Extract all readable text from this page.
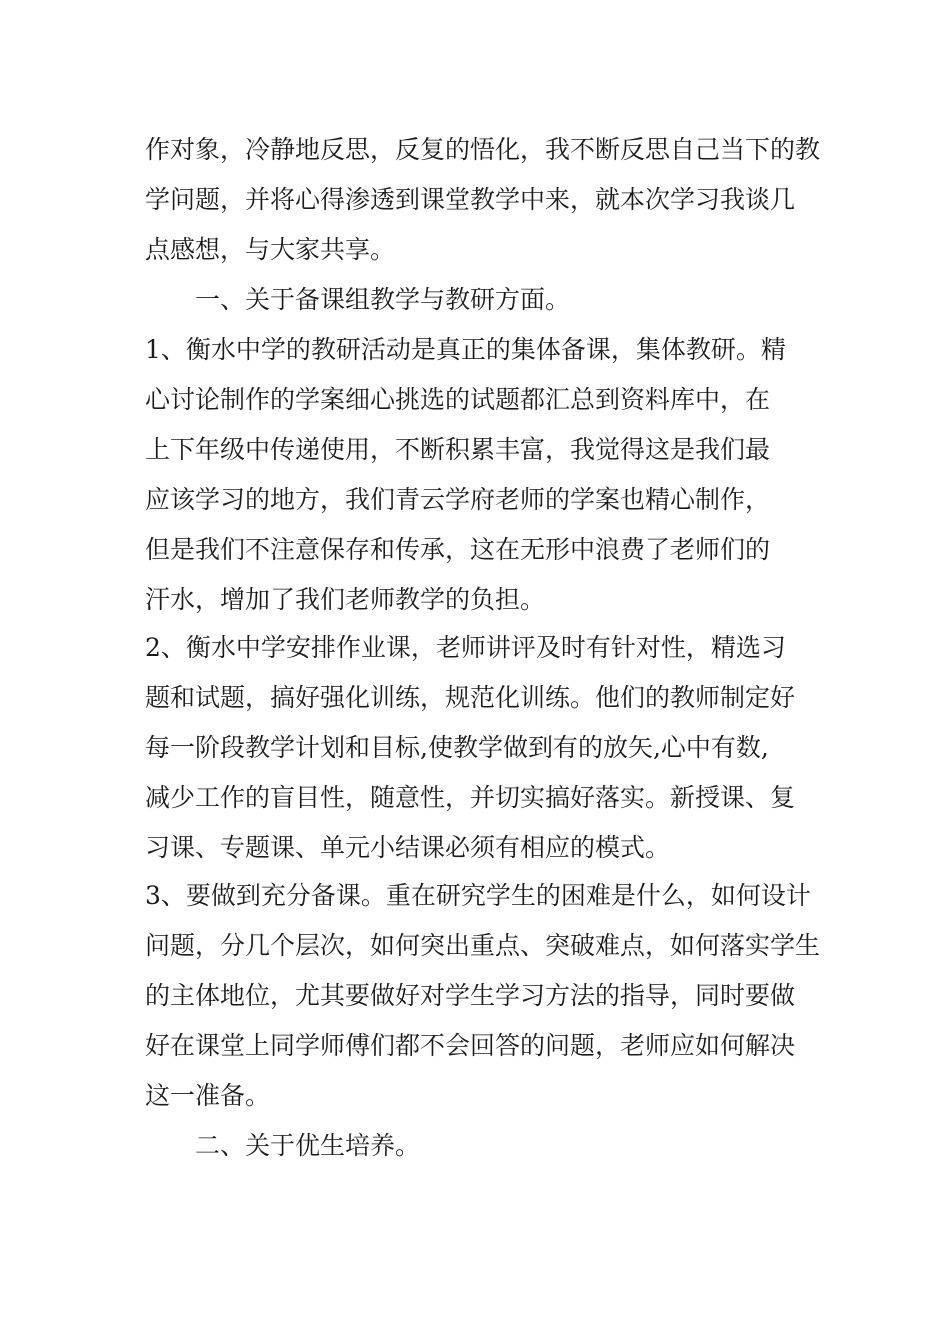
作对象，冷静地反思，反复的悟化，我不断反思自己当下的教
学问题，并将心得渗透到课堂教学中来，就本次学习我谈几
点感想，与大家共享。
一、关于备课组教学与教研方面。
1、衡水中学的教研活动是真正的集体备课，集体教研。精
心讨论制作的学案细心挑选的试题都汇总到资料库中，在
上下年级中传递使用，不断积累丰富，我觉得这是我们最
应该学习的地方，我们青云学府老师的学案也精心制作，
但是我们不注意保存和传承，这在无形中浪费了老师们的
汗水，增加了我们老师教学的负担。
2、衡水中学安排作业课，老师讲评及时有针对性，精选习
题和试题，搞好强化训练，规范化训练。他们的教师制定好
每一阶段教学计划和目标,使教学做到有的放矢,心中有数,
减少工作的盲目性，随意性，并切实搞好落实。新授课、复
习课、专题课、单元小结课必须有相应的模式。
3、要做到充分备课。重在研究学生的困难是什么，如何设计
问题，分几个层次，如何突出重点、突破难点，如何落实学生
的主体地位，尤其要做好对学生学习方法的指导，同时要做
好在课堂上同学师傅们都不会回答的问题，老师应如何解决
这一准备。
二、关于优生培养。
